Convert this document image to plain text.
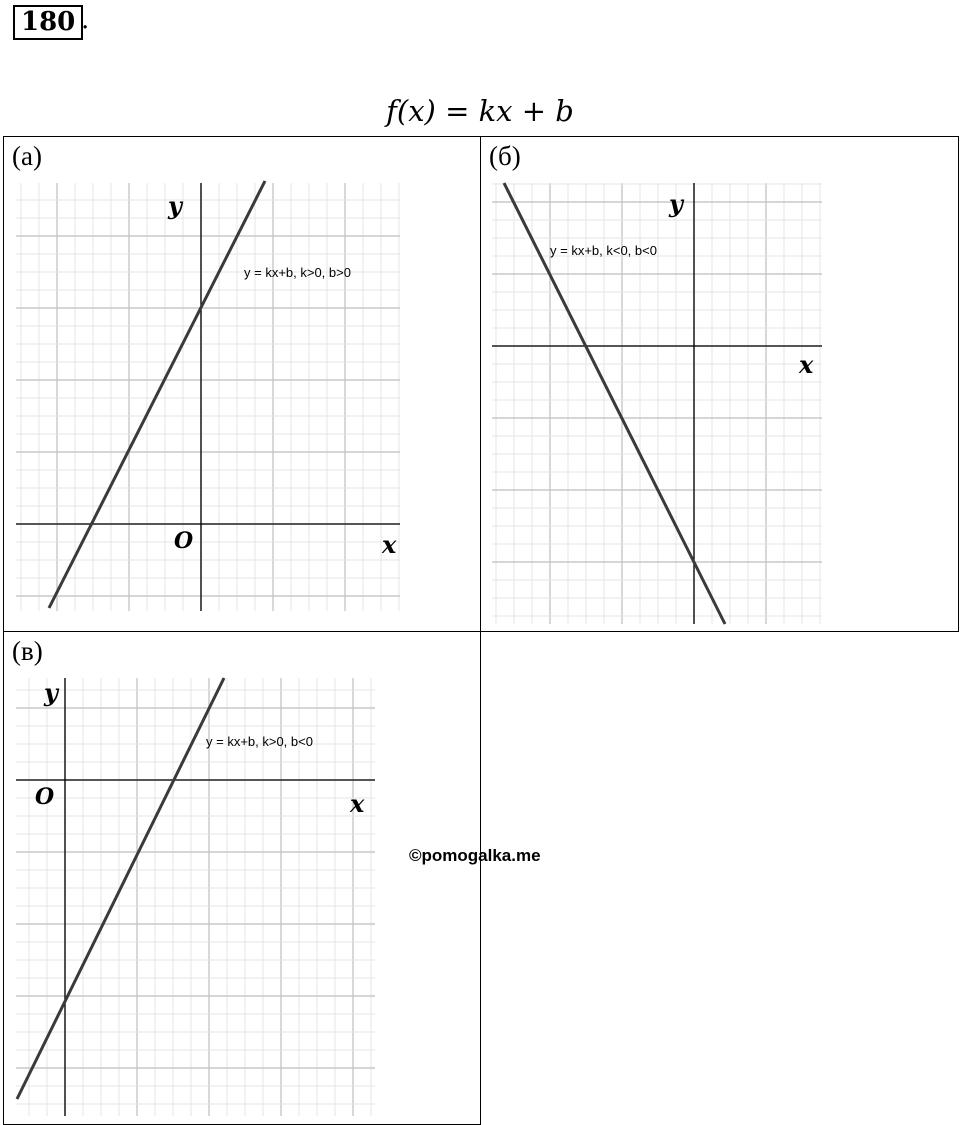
180 .
f(x) = kx + b
(а)
y = kx+b, k>0, b>0
y
x
O
(б)
y = kx+b, k<0, b<0
y
x
(в)
y = kx+b, k>0, b<0
y
x
O
©pomogalka.me
